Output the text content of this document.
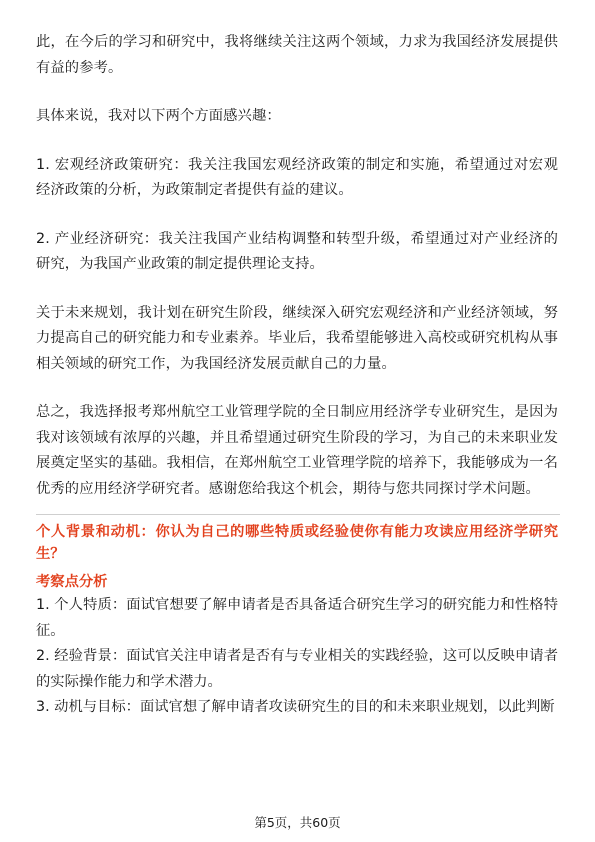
此，在今后的学习和研究中，我将继续关注这两个领域，力求为我国经济发展提供有益的参考。

具体来说，我对以下两个方面感兴趣：

1. 宏观经济政策研究：我关注我国宏观经济政策的制定和实施，希望通过对宏观经济政策的分析，为政策制定者提供有益的建议。

2. 产业经济研究：我关注我国产业结构调整和转型升级，希望通过对产业经济的研究，为我国产业政策的制定提供理论支持。

关于未来规划，我计划在研究生阶段，继续深入研究宏观经济和产业经济领域，努力提高自己的研究能力和专业素养。毕业后，我希望能够进入高校或研究机构从事相关领域的研究工作，为我国经济发展贡献自己的力量。

总之，我选择报考郑州航空工业管理学院的全日制应用经济学专业研究生，是因为我对该领域有浓厚的兴趣，并且希望通过研究生阶段的学习，为自己的未来职业发展奠定坚实的基础。我相信，在郑州航空工业管理学院的培养下，我能够成为一名优秀的应用经济学研究者。感谢您给我这个机会，期待与您共同探讨学术问题。

个人背景和动机：你认为自己的哪些特质或经验使你有能力攻读应用经济学研究生？

考察点分析

1. 个人特质：面试官想要了解申请者是否具备适合研究生学习的研究能力和性格特征。

2. 经验背景：面试官关注申请者是否有与专业相关的实践经验，这可以反映申请者的实际操作能力和学术潜力。

3. 动机与目标：面试官想了解申请者攻读研究生的目的和未来职业规划，以此判断

第5页，共60页
